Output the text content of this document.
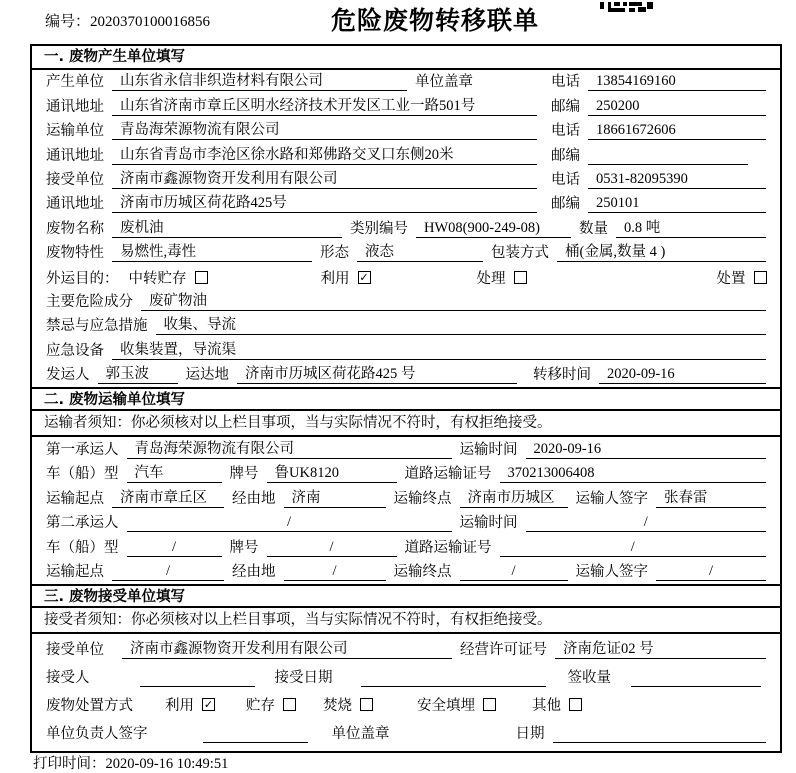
编号：2020370100016856	危险废物转移联单
一. 废物产生单位填写
产生单位	山东省永信非织造材料有限公司	单位盖章	电话	13854169160
通讯地址	山东省济南市章丘区明水经济技术开发区工业一路501号	邮编	250200
运输单位	青岛海荣源物流有限公司	电话	18661672606
通讯地址	山东省青岛市李沧区徐水路和郑佛路交叉口东侧20米	邮编
接受单位	济南市鑫源物资开发利用有限公司	电话	0531-82095390
通讯地址	济南市历城区荷花路425号	邮编	250101
废物名称	废机油	类别编号	HW08(900-249-08)	数量	0.8 吨
废物特性	易燃性,毒性	形态	液态	包装方式	桶(金属,数量 4 )
外运目的： 中转贮存	利用 ✓	处理	处置
主要危险成分	废矿物油
禁忌与应急措施	收集、导流
应急设备	收集装置，导流渠
发运人	郭玉波	运达地	济南市历城区荷花路425 号	转移时间	2020-09-16
二. 废物运输单位填写
运输者须知：你必须核对以上栏目事项，当与实际情况不符时，有权拒绝接受。
第一承运人	青岛海荣源物流有限公司	运输时间	2020-09-16
车（船）型	汽车	牌号	鲁UK8120	道路运输证号	370213006408
运输起点	济南市章丘区	经由地	济南	运输终点	济南市历城区	运输人签字	张春雷
第二承运人	/	运输时间	/
车（船）型	/	牌号	/	道路运输证号	/
运输起点	/	经由地	/	运输终点	/	运输人签字	/
三. 废物接受单位填写
接受者须知：你必须核对以上栏目事项，当与实际情况不符时，有权拒绝接受。
接受单位	济南市鑫源物资开发利用有限公司	经营许可证号	济南危证02 号
接受人	接受日期	签收量
废物处置方式 利用 ✓ 贮存	焚烧	安全填埋	其他
单位负责人签字	单位盖章	日期
打印时间：2020-09-16 10:49:51
